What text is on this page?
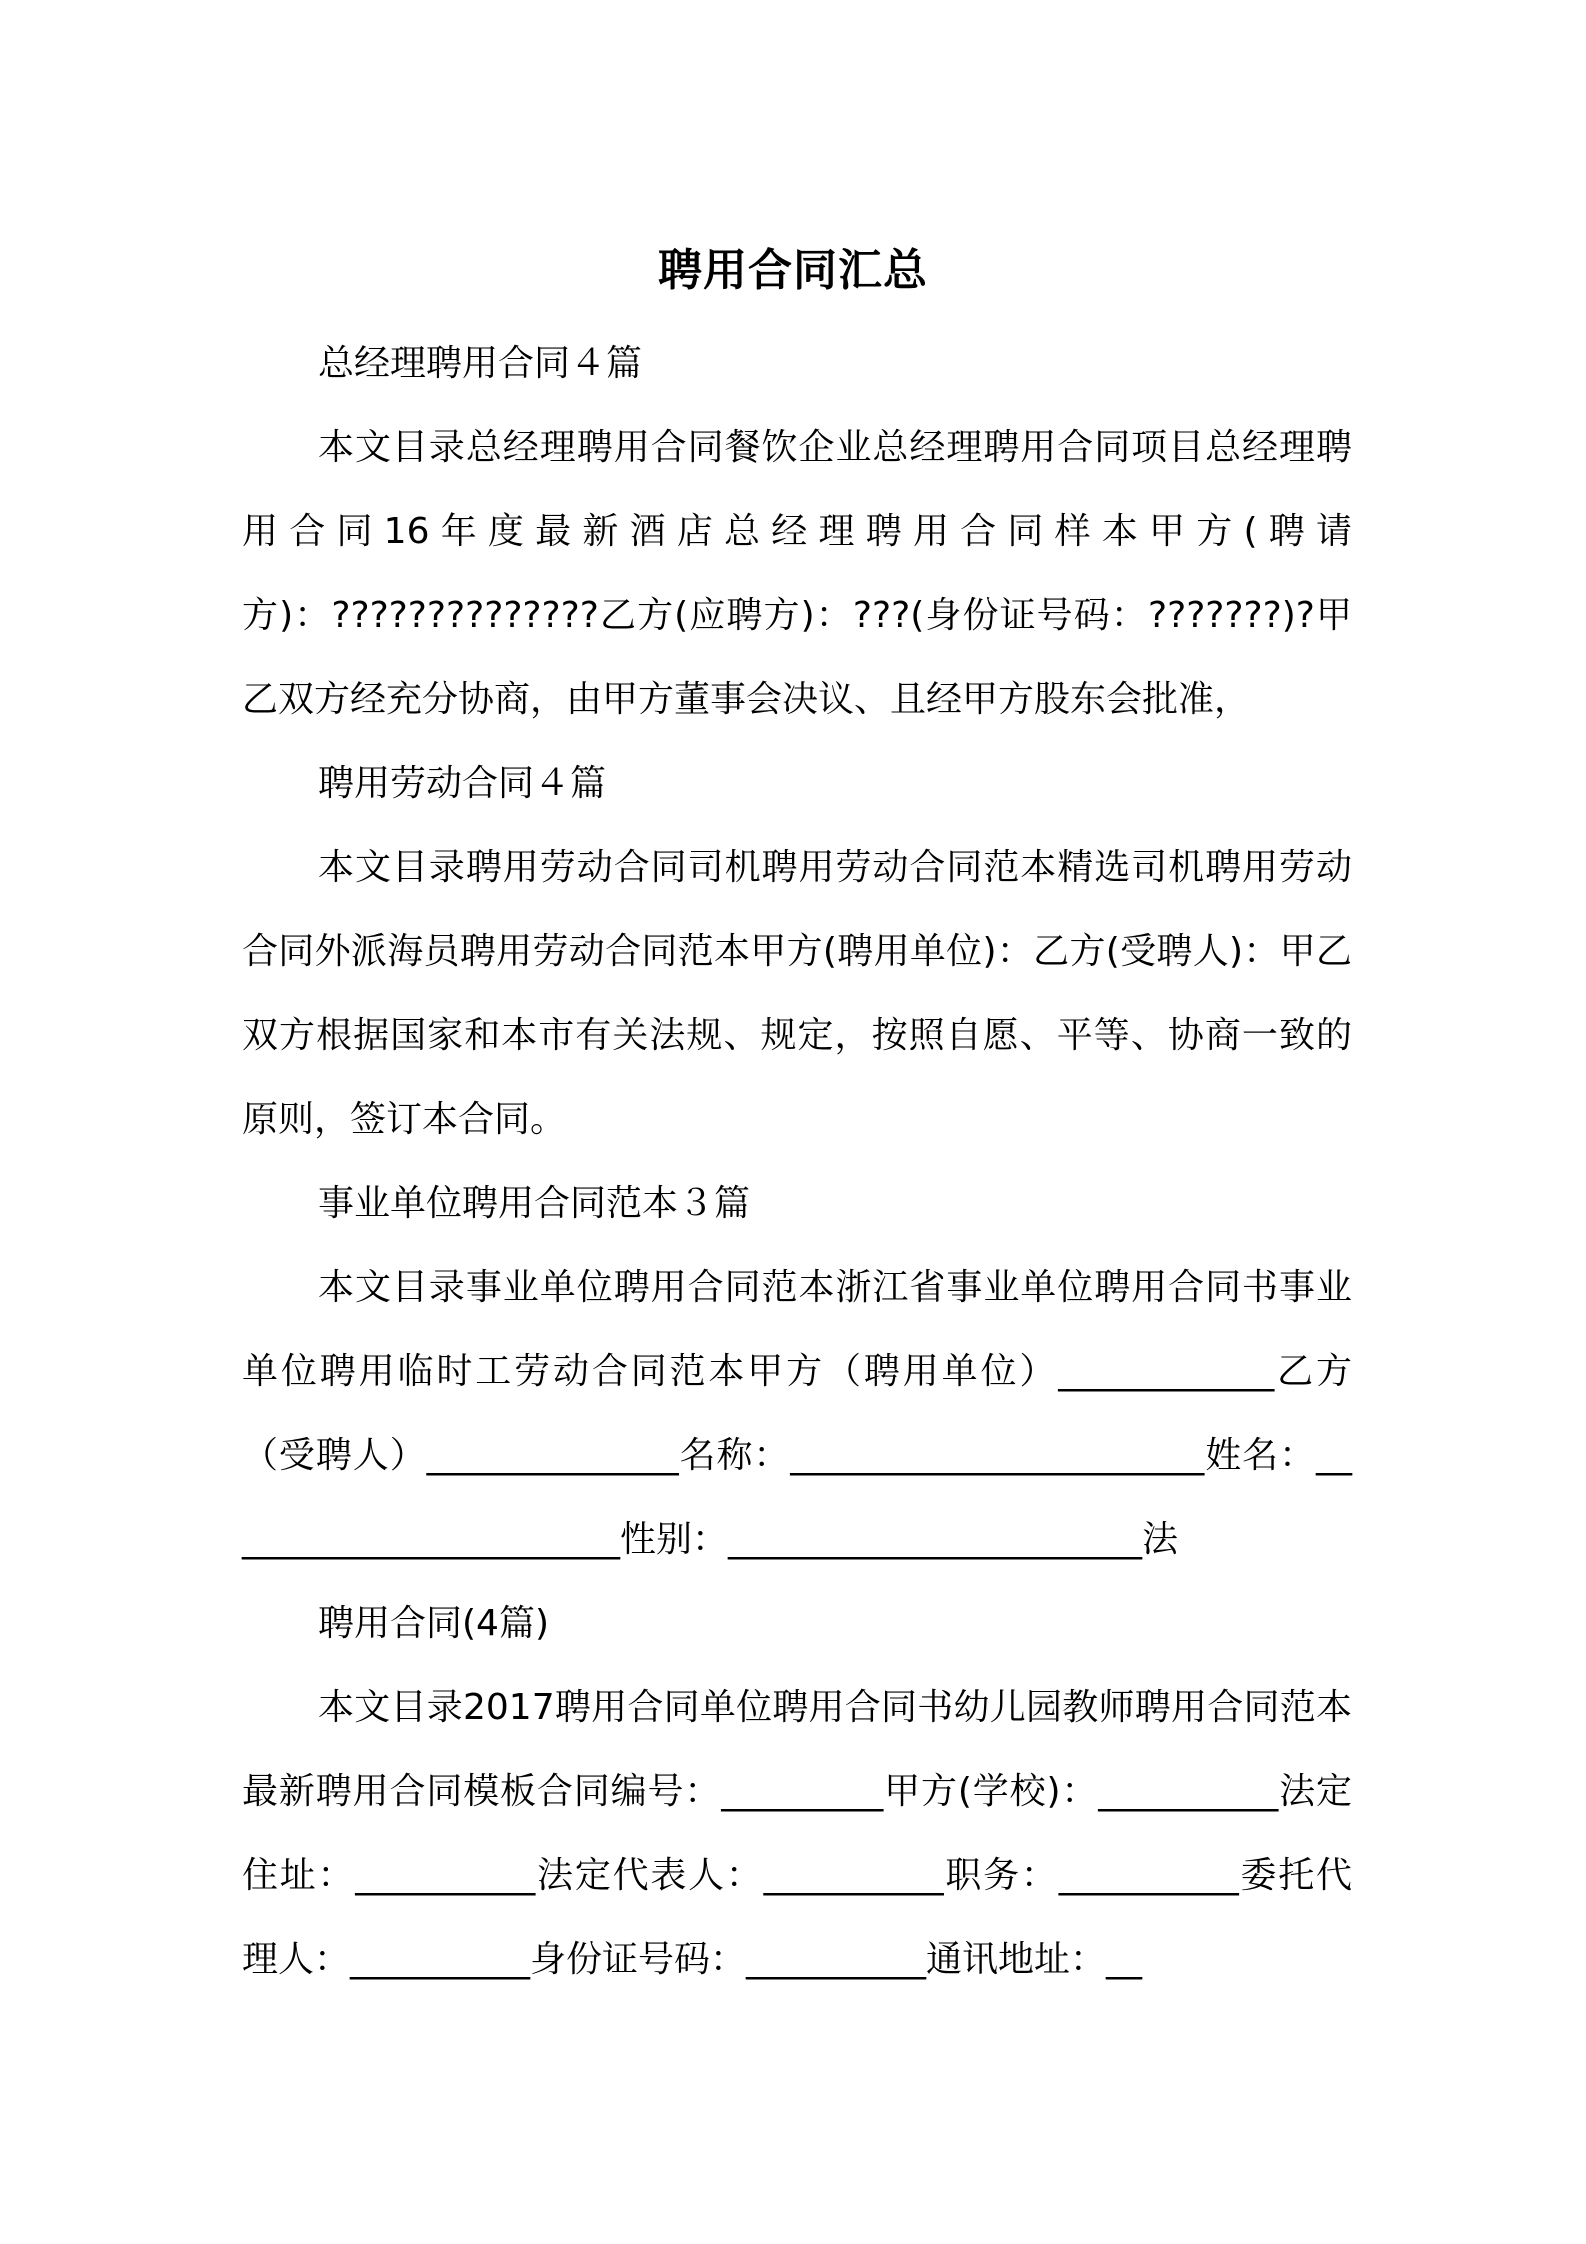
聘用合同汇总

总经理聘用合同４篇

本文目录总经理聘用合同餐饮企业总经理聘用合同项目总经理聘用合同16年度最新酒店总经理聘用合同样本甲方(聘请方)：??????????????乙方(应聘方)：???(身份证号码：???????)?甲乙双方经充分协商，由甲方董事会决议、且经甲方股东会批准，

聘用劳动合同４篇

本文目录聘用劳动合同司机聘用劳动合同范本精选司机聘用劳动合同外派海员聘用劳动合同范本甲方(聘用单位)：乙方(受聘人)：甲乙双方根据国家和本市有关法规、规定，按照自愿、平等、协商一致的原则，签订本合同。

事业单位聘用合同范本３篇

本文目录事业单位聘用合同范本浙江省事业单位聘用合同书事业单位聘用临时工劳动合同范本甲方（聘用单位）____________乙方（受聘人）______________名称：_______________________姓名：_______________________性别：_______________________法

聘用合同(4篇)

本文目录2017聘用合同单位聘用合同书幼儿园教师聘用合同范本最新聘用合同模板合同编号：_________甲方(学校)：__________法定住址：__________法定代表人：__________职务：__________委托代理人：__________身份证号码：__________通讯地址：__
